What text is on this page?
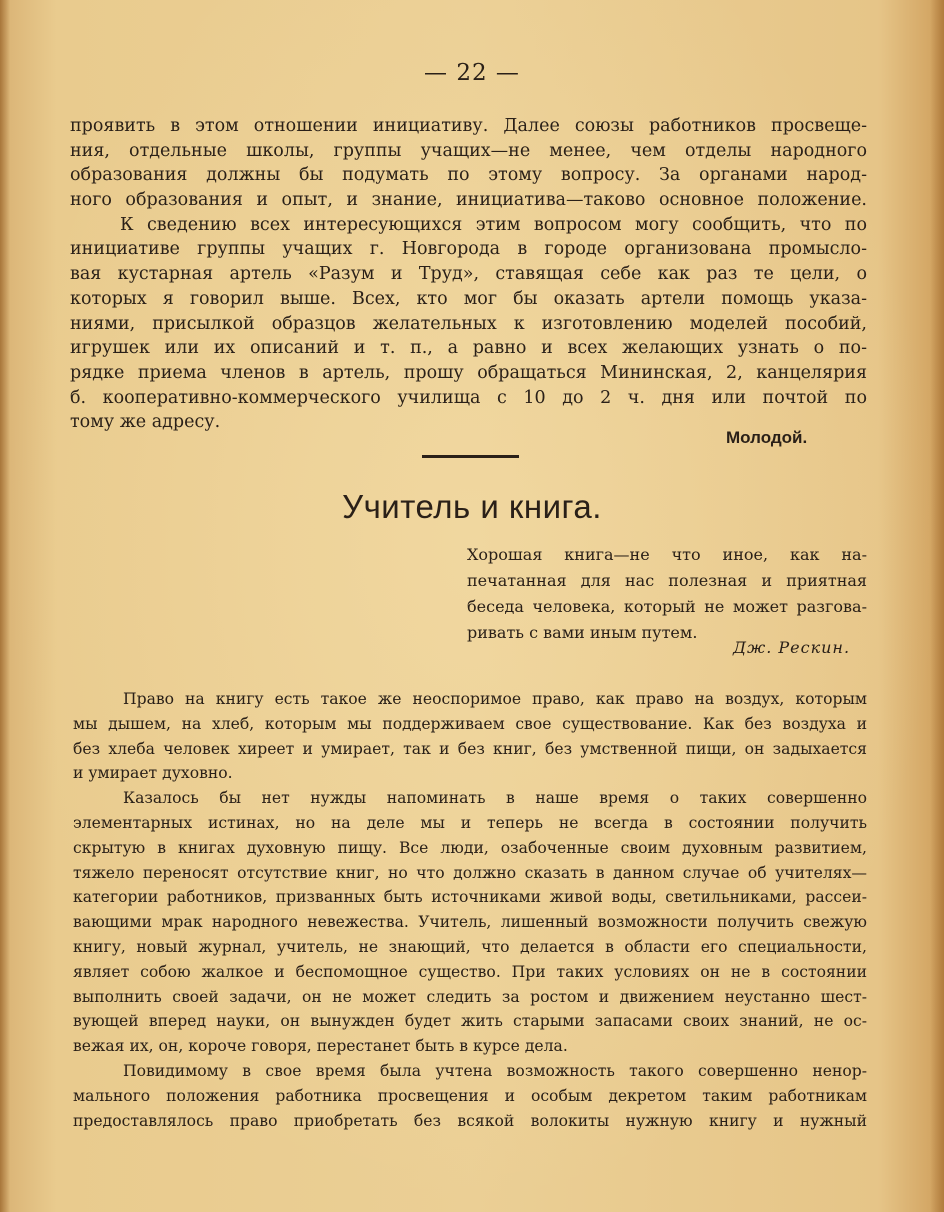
— 22 —
проявить в этом отношении инициативу. Далее союзы работников просвеще-
ния, отдельные школы, группы учащих—не менее, чем отделы народного
образования должны бы подумать по этому вопросу. За органами народ-
ного образования и опыт, и знание, инициатива—таково основное положение.
К сведению всех интересующихся этим вопросом могу сообщить, что по
инициативе группы учащих г. Новгорода в городе организована промысло-
вая кустарная артель «Разум и Труд», ставящая себе как раз те цели, о
которых я говорил выше. Всех, кто мог бы оказать артели помощь указа-
ниями, присылкой образцов желательных к изготовлению моделей пособий,
игрушек или их описаний и т. п., а равно и всех желающих узнать о по-
рядке приема членов в артель, прошу обращаться Мининская, 2, канцелярия
б. кооперативно-коммерческого училища с 10 до 2 ч. дня или почтой по
тому же адресу.
Молодой.
Учитель и книга.
Хорошая книга—не что иное, как на-
печатанная для нас полезная и приятная
беседа человека, который не может разгова-
ривать с вами иным путем.
Дж. Рескин.
Право на книгу есть такое же неоспоримое право, как право на воздух, которым
мы дышем, на хлеб, которым мы поддерживаем свое существование. Как без воздуха и
без хлеба человек хиреет и умирает, так и без книг, без умственной пищи, он задыхается
и умирает духовно.
Казалось бы нет нужды напоминать в наше время о таких совершенно
элементарных истинах, но на деле мы и теперь не всегда в состоянии получить
скрытую в книгах духовную пищу. Все люди, озабоченные своим духовным развитием,
тяжело переносят отсутствие книг, но что должно сказать в данном случае об учителях—
категории работников, призванных быть источниками живой воды, светильниками, рассеи-
вающими мрак народного невежества. Учитель, лишенный возможности получить свежую
книгу, новый журнал, учитель, не знающий, что делается в области его специальности,
являет собою жалкое и беспомощное существо. При таких условиях он не в состоянии
выполнить своей задачи, он не может следить за ростом и движением неустанно шест-
вующей вперед науки, он вынужден будет жить старыми запасами своих знаний, не ос-
вежая их, он, короче говоря, перестанет быть в курсе дела.
Повидимому в свое время была учтена возможность такого совершенно ненор-
мального положения работника просвещения и особым декретом таким работникам
предоставлялось право приобретать без всякой волокиты нужную книгу и нужный
